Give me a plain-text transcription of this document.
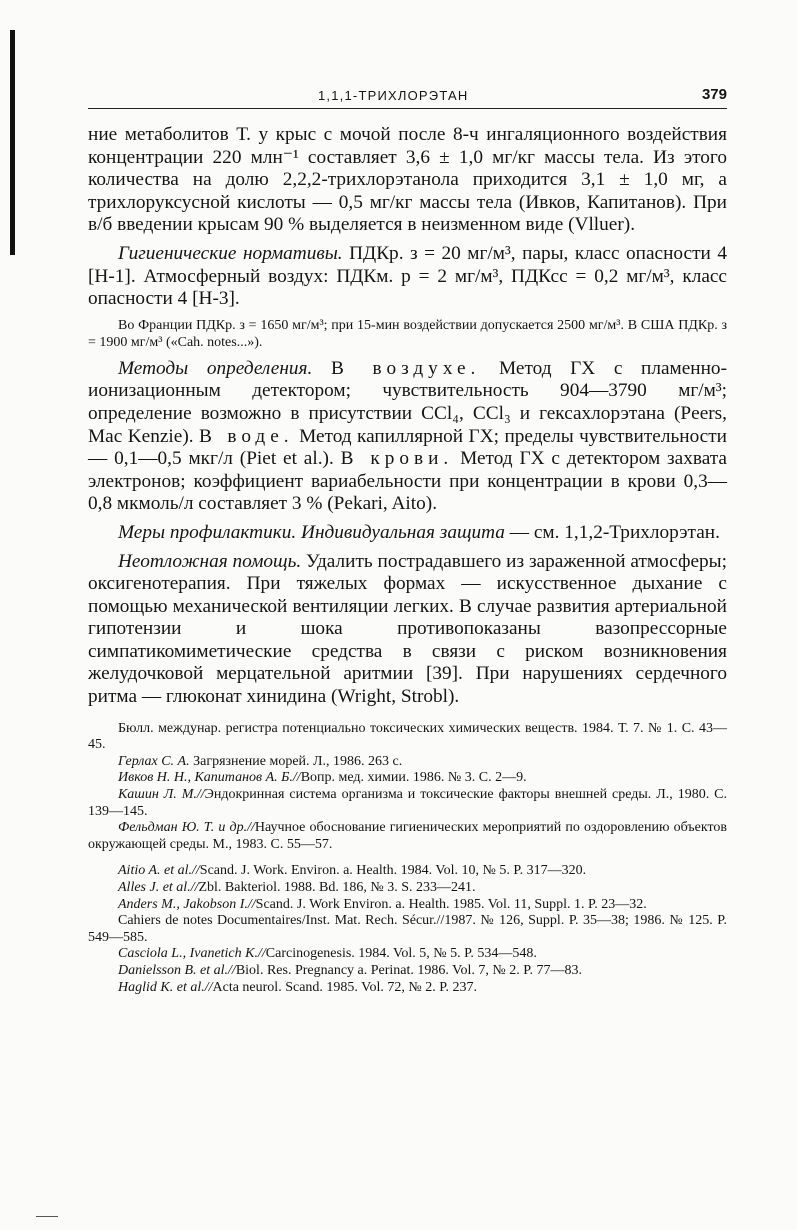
1,1,1-ТРИХЛОРЭТАН	379

ние метаболитов Т. у крыс с мочой после 8-ч ингаляционного воздействия концентрации 220 млн⁻¹ составляет 3,6 ± 1,0 мг/кг массы тела. Из этого количества на долю 2,2,2-трихлорэтанола приходится 3,1 ± 1,0 мг, а трихлоруксусной кислоты — 0,5 мг/кг массы тела (Ивков, Капитанов). При в/б введении крысам 90 % выделяется в неизменном виде (Vlluer).

Гигиенические нормативы. ПДКр. з = 20 мг/м³, пары, класс опасности 4 [Н-1]. Атмосферный воздух: ПДКм. р = 2 мг/м³, ПДКсс = 0,2 мг/м³, класс опасности 4 [Н-3].

Во Франции ПДКр. з = 1650 мг/м³; при 15-мин воздействии допускается 2500 мг/м³. В США ПДКр. з = 1900 мг/м³ («Cah. notes...»).

Методы определения. В воздухе. Метод ГХ с пламенно-ионизационным детектором; чувствительность 904—3790 мг/м³; определение возможно в присутствии CCl₄, CCl₃ и гексахлорэтана (Peers, Mac Kenzie). В воде. Метод капиллярной ГХ; пределы чувствительности — 0,1—0,5 мкг/л (Piet et al.). В крови. Метод ГХ с детектором захвата электронов; коэффициент вариабельности при концентрации в крови 0,3—0,8 мкмоль/л составляет 3 % (Pekari, Aito).

Меры профилактики. Индивидуальная защита — см. 1,1,2-Трихлорэтан.

Неотложная помощь. Удалить пострадавшего из зараженной атмосферы; оксигенотерапия. При тяжелых формах — искусственное дыхание с помощью механической вентиляции легких. В случае развития артериальной гипотензии и шока противопоказаны вазопрессорные симпатикомиметические средства в связи с риском возникновения желудочковой мерцательной аритмии [39]. При нарушениях сердечного ритма — глюконат хинидина (Wright, Strobl).

Бюлл. междунар. регистра потенциально токсических химических веществ. 1984. Т. 7. № 1. С. 43—45.

Герлах С. А. Загрязнение морей. Л., 1986. 263 с.

Ивков Н. Н., Капитанов А. Б.//Вопр. мед. химии. 1986. № 3. С. 2—9.

Кашин Л. М.//Эндокринная система организма и токсические факторы внешней среды. Л., 1980. С. 139—145.

Фельдман Ю. Т. и др.//Научное обоснование гигиенических мероприятий по оздоровлению объектов окружающей среды. М., 1983. С. 55—57.

Aitio A. et al.//Scand. J. Work. Environ. a. Health. 1984. Vol. 10, № 5. P. 317—320.

Alles J. et al.//Zbl. Bakteriol. 1988. Bd. 186, № 3. S. 233—241.

Anders M., Jakobson I.//Scand. J. Work Environ. a. Health. 1985. Vol. 11, Suppl. 1. P. 23—32.

Cahiers de notes Documentaires/Inst. Mat. Rech. Sécur.//1987. № 126, Suppl. P. 35—38; 1986. № 125. P. 549—585.

Casciola L., Ivanetich K.//Carcinogenesis. 1984. Vol. 5, № 5. P. 534—548.

Danielsson B. et al.//Biol. Res. Pregnancy a. Perinat. 1986. Vol. 7, № 2. P. 77—83.

Haglid K. et al.//Acta neurol. Scand. 1985. Vol. 72, № 2. P. 237.
